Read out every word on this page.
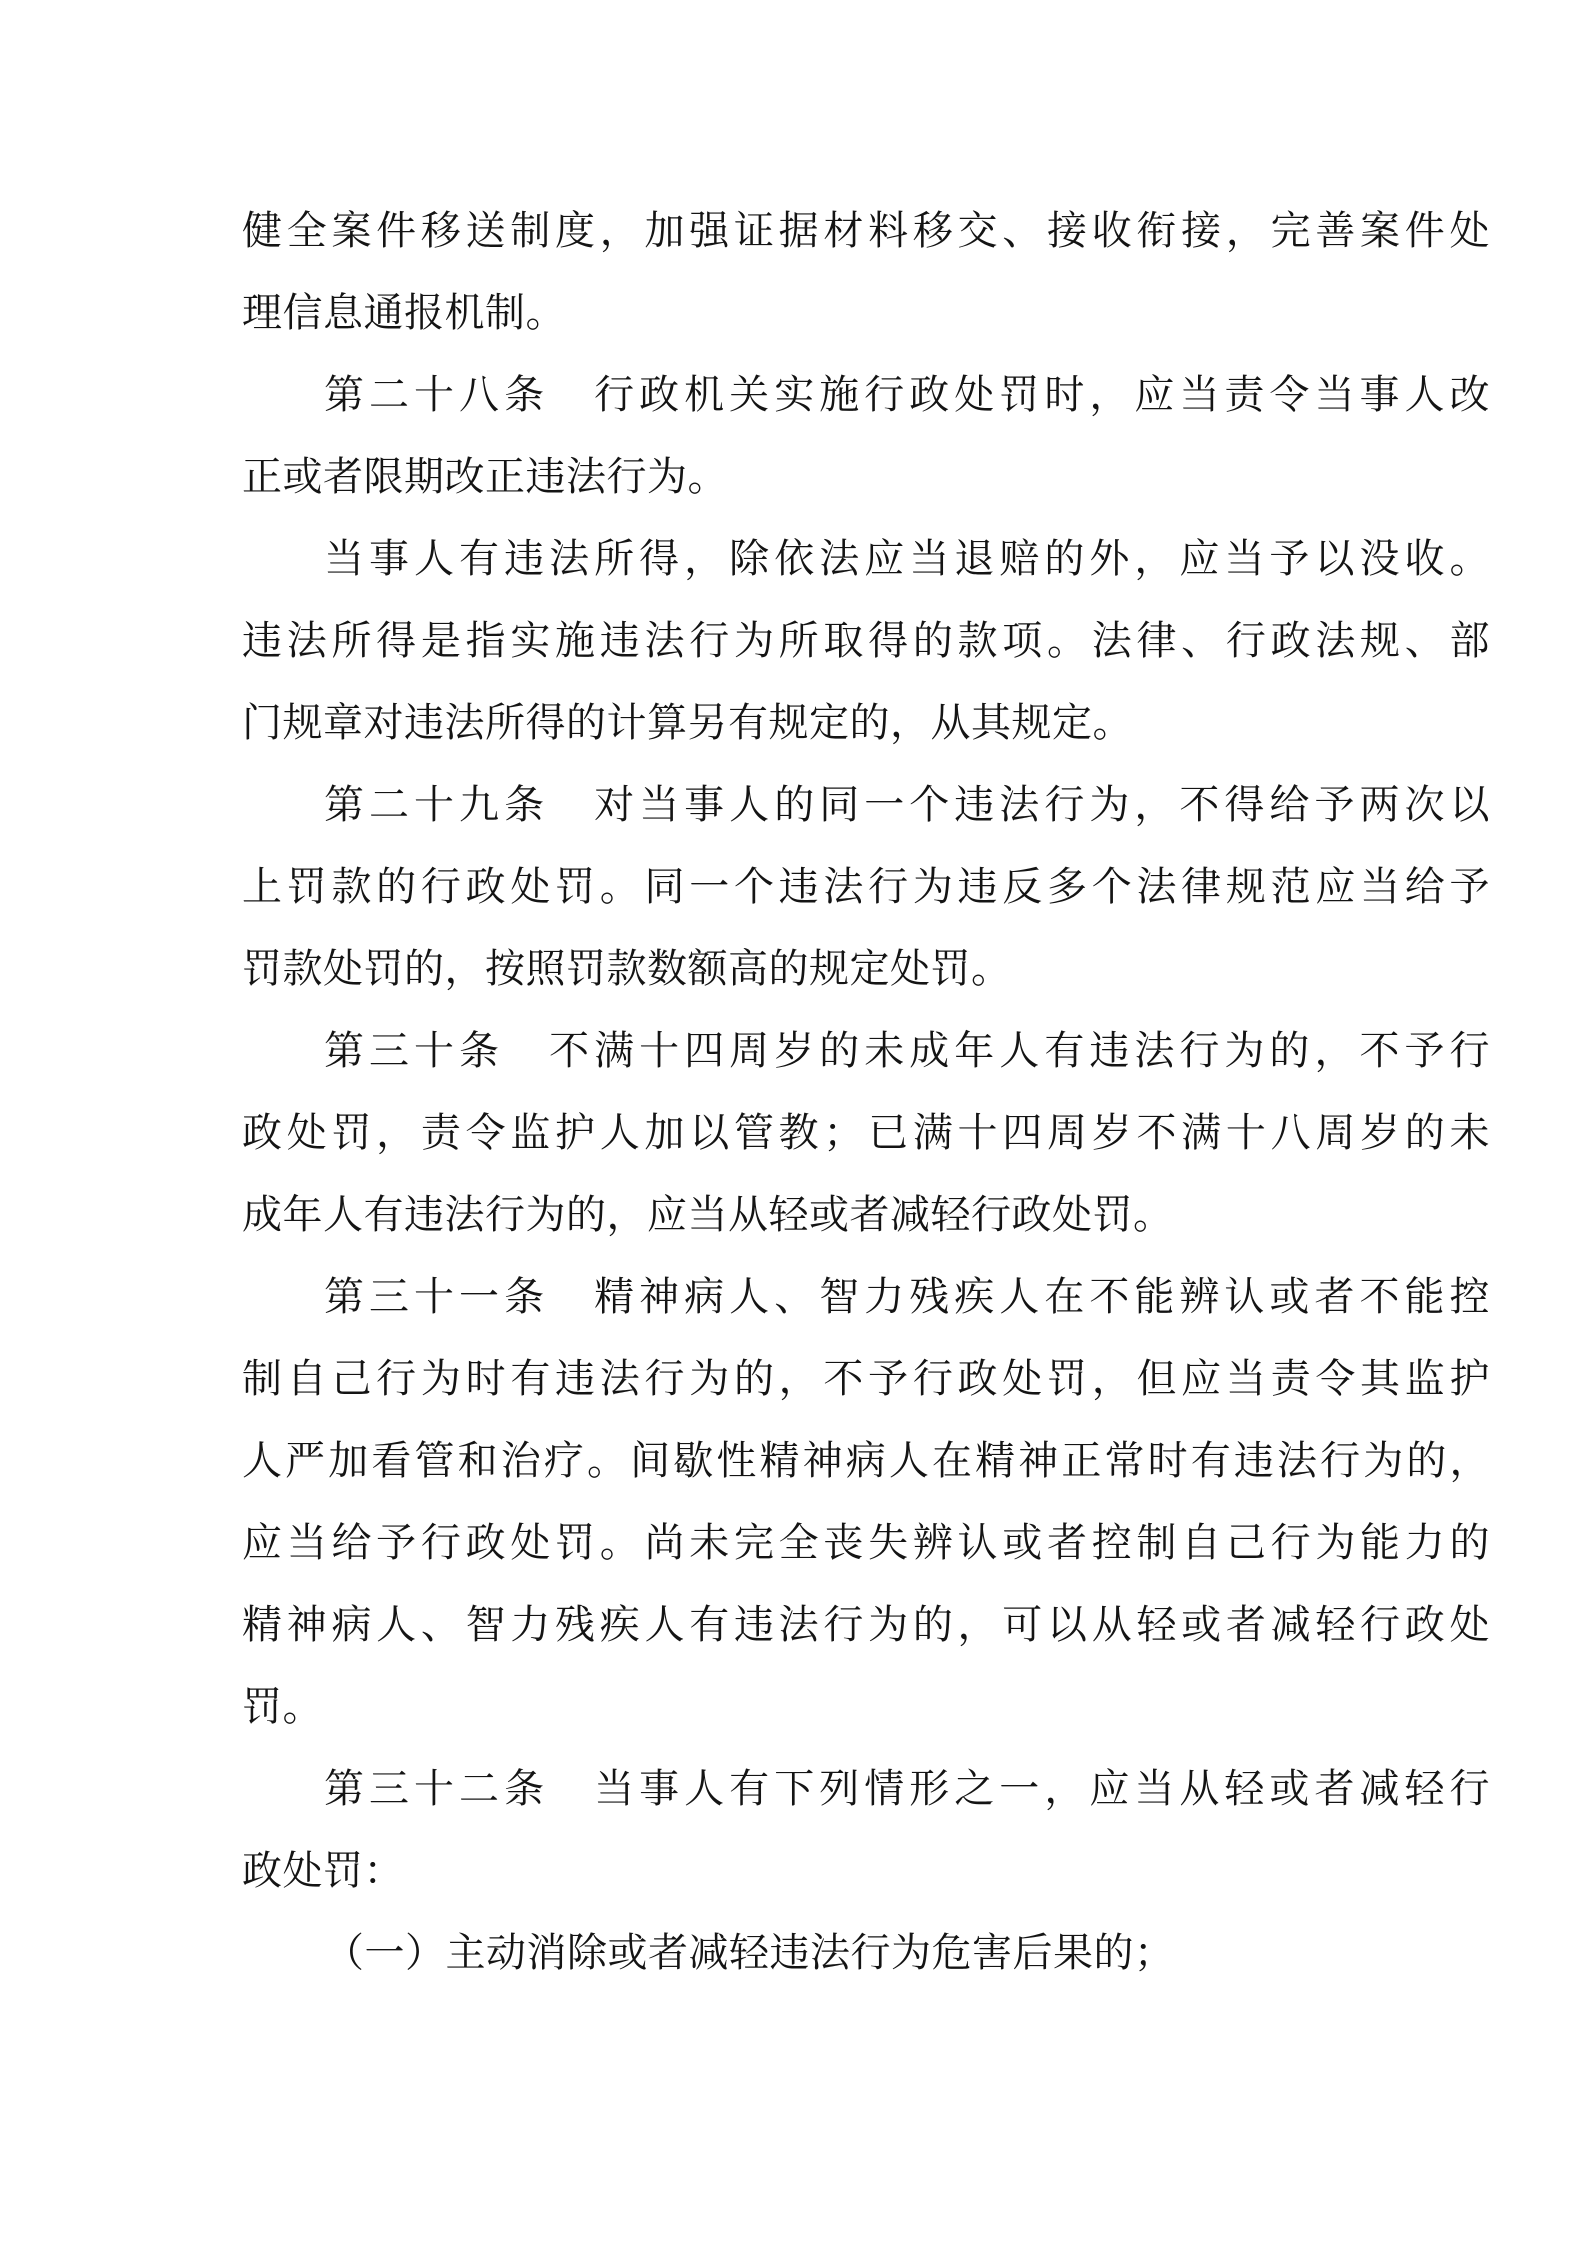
健全案件移送制度，加强证据材料移交、接收衔接，完善案件处
理信息通报机制。
第二十八条　行政机关实施行政处罚时，应当责令当事人改
正或者限期改正违法行为。
当事人有违法所得，除依法应当退赔的外，应当予以没收。
违法所得是指实施违法行为所取得的款项。法律、行政法规、部
门规章对违法所得的计算另有规定的，从其规定。
第二十九条　对当事人的同一个违法行为，不得给予两次以
上罚款的行政处罚。同一个违法行为违反多个法律规范应当给予
罚款处罚的，按照罚款数额高的规定处罚。
第三十条　不满十四周岁的未成年人有违法行为的，不予行
政处罚，责令监护人加以管教；已满十四周岁不满十八周岁的未
成年人有违法行为的，应当从轻或者减轻行政处罚。
第三十一条　精神病人、智力残疾人在不能辨认或者不能控
制自己行为时有违法行为的，不予行政处罚，但应当责令其监护
人严加看管和治疗。间歇性精神病人在精神正常时有违法行为的，
应当给予行政处罚。尚未完全丧失辨认或者控制自己行为能力的
精神病人、智力残疾人有违法行为的，可以从轻或者减轻行政处
罚。
第三十二条　当事人有下列情形之一，应当从轻或者减轻行
政处罚：
（一）主动消除或者减轻违法行为危害后果的；
